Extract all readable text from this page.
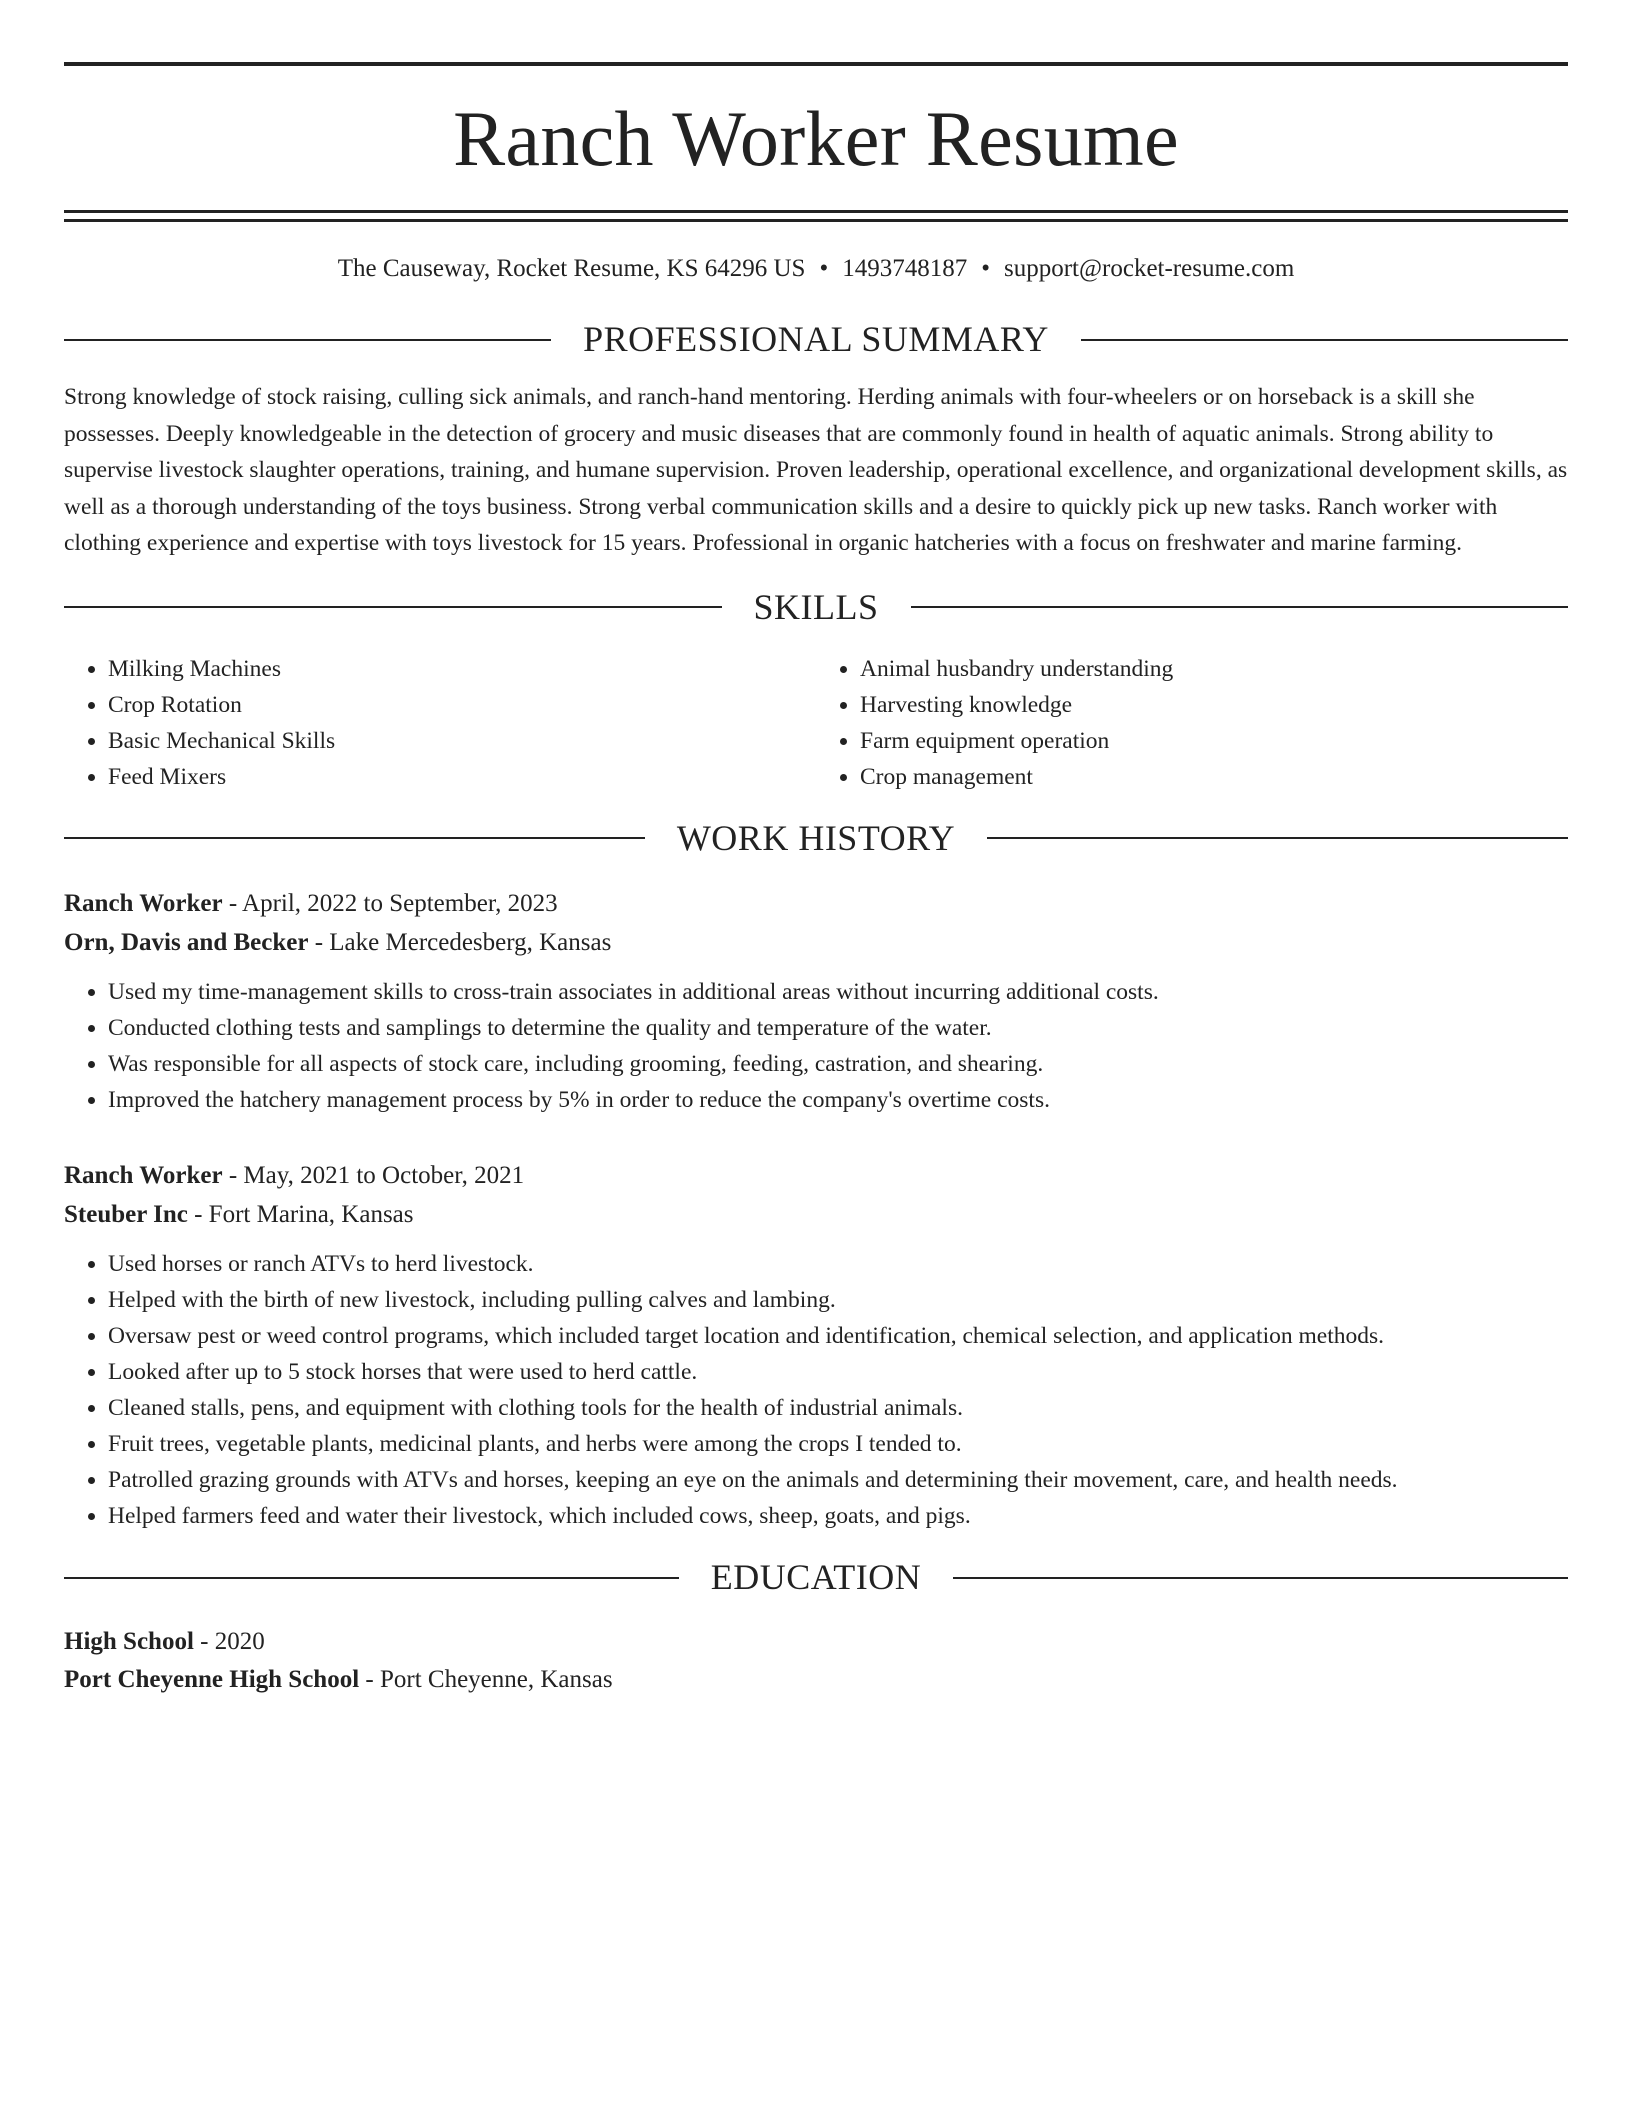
Ranch Worker Resume
The Causeway, Rocket Resume, KS 64296 US • 1493748187 • support@rocket-resume.com
PROFESSIONAL SUMMARY

Strong knowledge of stock raising, culling sick animals, and ranch-hand mentoring. Herding animals with four-wheelers or on horseback is a skill she possesses. Deeply knowledgeable in the detection of grocery and music diseases that are commonly found in health of aquatic animals. Strong ability to supervise livestock slaughter operations, training, and humane supervision. Proven leadership, operational excellence, and organizational development skills, as well as a thorough understanding of the toys business. Strong verbal communication skills and a desire to quickly pick up new tasks. Ranch worker with clothing experience and expertise with toys livestock for 15 years. Professional in organic hatcheries with a focus on freshwater and marine farming.

SKILLS
• Milking Machines
• Crop Rotation
• Basic Mechanical Skills
• Feed Mixers
• Animal husbandry understanding
• Harvesting knowledge
• Farm equipment operation
• Crop management
WORK HISTORY
Ranch Worker - April, 2022 to September, 2023
Orn, Davis and Becker - Lake Mercedesberg, Kansas
• Used my time-management skills to cross-train associates in additional areas without incurring additional costs.
• Conducted clothing tests and samplings to determine the quality and temperature of the water.
• Was responsible for all aspects of stock care, including grooming, feeding, castration, and shearing.
• Improved the hatchery management process by 5% in order to reduce the company's overtime costs.
Ranch Worker - May, 2021 to October, 2021
Steuber Inc - Fort Marina, Kansas
• Used horses or ranch ATVs to herd livestock.
• Helped with the birth of new livestock, including pulling calves and lambing.
• Oversaw pest or weed control programs, which included target location and identification, chemical selection, and application methods.
• Looked after up to 5 stock horses that were used to herd cattle.
• Cleaned stalls, pens, and equipment with clothing tools for the health of industrial animals.
• Fruit trees, vegetable plants, medicinal plants, and herbs were among the crops I tended to.
• Patrolled grazing grounds with ATVs and horses, keeping an eye on the animals and determining their movement, care, and health needs.
• Helped farmers feed and water their livestock, which included cows, sheep, goats, and pigs.
EDUCATION
High School - 2020
Port Cheyenne High School - Port Cheyenne, Kansas
